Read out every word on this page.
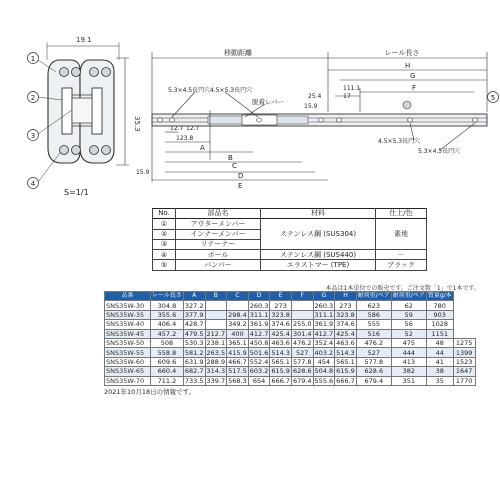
19.1
35.3
1
2
3
4
S=1/1
5
移動距離	レール長さ
H
G
F
25.4	17
111.1
15.9
5.3×4.5長円穴 4.5×5.3長円穴
脱着レバー
4.5×5.3長円穴
5.3×4.5長円穴
12.7 12.7
123.8
A
B
C
D
E
15.9
No.	部品名	材料	仕上/色
①	アウターメンバー	ステンレス鋼 (SUS304)	素地
②	インナーメンバー		
③	リテーナー		
④	ボール	ステンレス鋼 (SUS440)	－
⑤	バンパー	エラストマー (TPE)	ブラック
本品は1本単位での販売です。ご注文数「1」で1本です。
品番	レール長さ	A	B	C	D	E	F	G	H	耐荷重/ペア	耐荷重/ペア	質量g/本	
SNS35W-30	304.8	327.2			260.3	273		260.3	273	623	62	780	
SNS35W-35	355.6	377.9		298.4	311.1	323.8		311.1	323.8	586	59	903	
SNS35W-40	406.4	428.7		349.2	361.9	374.6	255.0	361.9	374.6	555	56	1028	
SNS35W-45	457.2	479.5	212.7	400	412.7	425.4	301.4	412.7	425.4	516	52	1151	
SNS35W-50	508	530.3	238.1	365.1	450.8	463.6	476.2	352.4	463.6	476.2	475	48	1275
SNS35W-55	558.8	581.2	263.5	415.9	501.6	514.3	527	403.2	514.3	527	444	44	1399
SNS35W-60	609.6	631.9	288.9	466.7	552.4	565.1	577.8	454	565.1	577.8	413	41	1523
SNS35W-65	660.4	682.7	314.3	517.5	603.2	615.9	628.6	504.8	615.9	628.6	382	38	1647
SNS35W-70	711.2	733.5	339.7	568.3	654	666.7	679.4	555.6	666.7	679.4	351	35	1770
2021年10月18日の情報です。
